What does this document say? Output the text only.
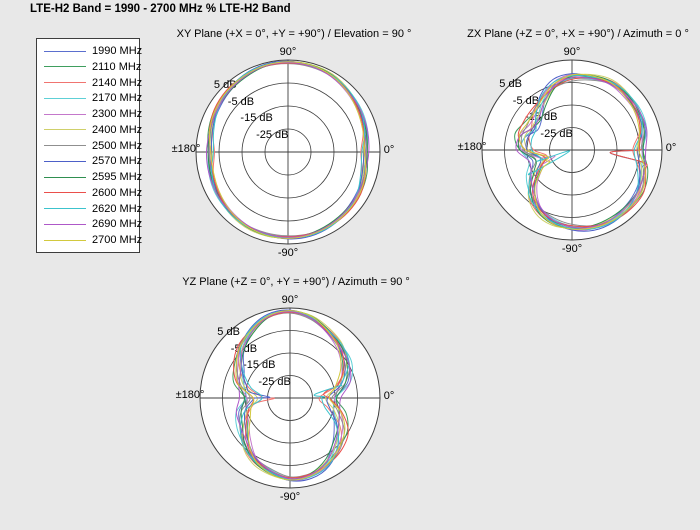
LTE-H2 Band = 1990 - 2700 MHz % LTE-H2 Band
1990 MHz
2110 MHz
2140 MHz
2170 MHz
2300 MHz
2400 MHz
2500 MHz
2570 MHz
2595 MHz
2600 MHz
2620 MHz
2690 MHz
2700 MHz
XY Plane (+X = 0°, +Y = +90°) / Elevation = 90 °
5 dB
-5 dB
-15 dB
-25 dB
90°
0°
±180°
-90°
ZX Plane (+Z = 0°, +X = +90°) / Azimuth = 0 °
5 dB
-5 dB
-15 dB
-25 dB
90°
0°
±180°
-90°
YZ Plane (+Z = 0°, +Y = +90°) / Azimuth = 90 °
5 dB
-5 dB
-15 dB
-25 dB
90°
0°
±180°
-90°
